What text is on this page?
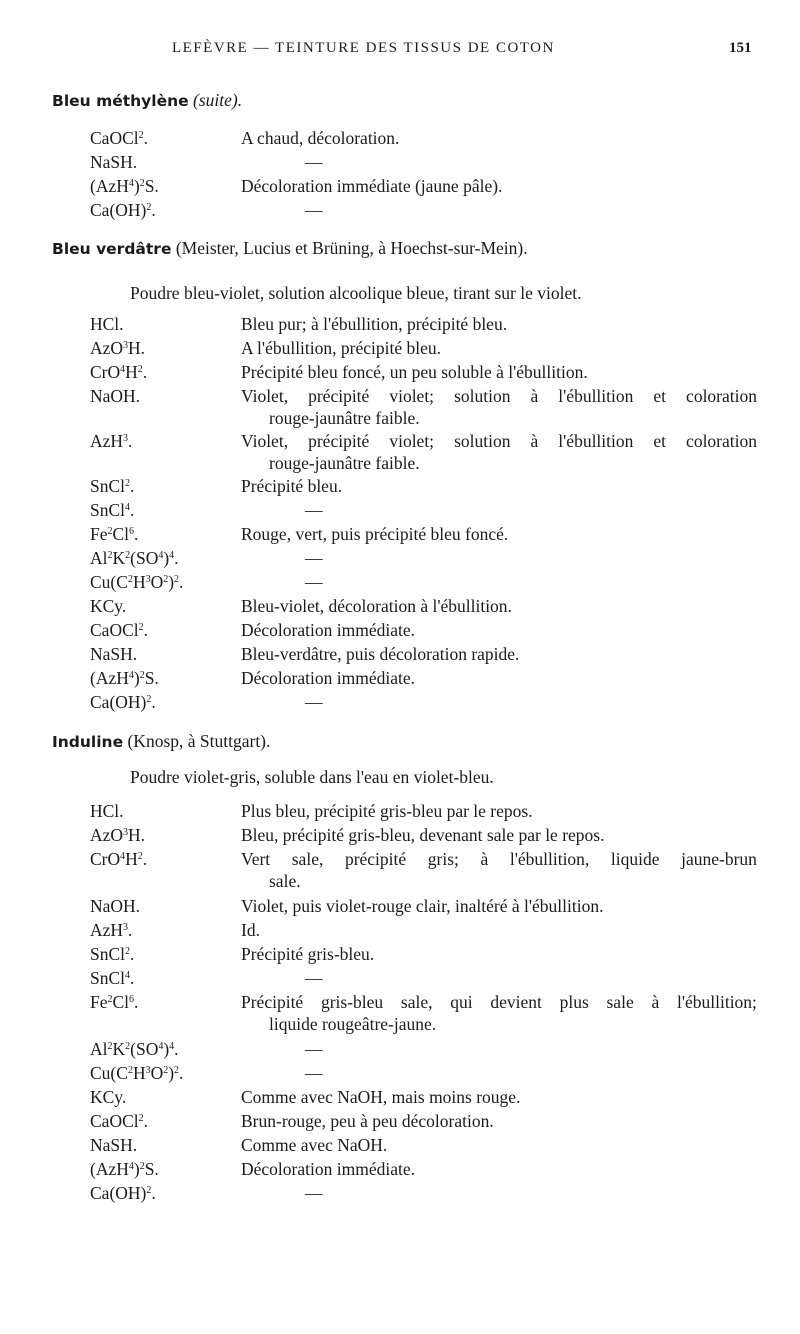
LEFÈVRE — TEINTURE DES TISSUS DE COTON	151
Bleu méthylène (suite).
CaOCl$^2$.	A chaud, décoloration.
NaSH.	—
$(AzH^4)^2S$.	Décoloration immédiate (jaune pâle).
Ca(OH)$^2$.	—
Bleu verdâtre (Meister, Lucius et Brüning, à Hoechst-sur-Mein).
Poudre bleu-violet, solution alcoolique bleue, tirant sur le violet.
HCl.	Bleu pur; à l'ébullition, précipité bleu.
AzO$^3$H.	A l'ébullition, précipité bleu.
$CrO^4H^2$.	Précipité bleu foncé, un peu soluble à l'ébullition.
NaOH.	Violet, précipité violet; solution à l'ébullition et coloration
rouge-jaunâtre faible.
AzH$^3$.	Violet, précipité violet; solution à l'ébullition et coloration
rouge-jaunâtre faible.
SnCl$^2$.	Précipité bleu.
SnCl$^4$.	—
Fe$^2$Cl$^6$.	Rouge, vert, puis précipité bleu foncé.
$Al^2K^2(SO^4)^4$.	—
$Cu(C^2H^3O^2)^2$.	—
KCy.	Bleu-violet, décoloration à l'ébullition.
CaOCl$^2$.	Décoloration immédiate.
NaSH.	Bleu-verdâtre, puis décoloration rapide.
$(AzH^4)^2S$.	Décoloration immédiate.
Ca(OH)$^2$.	—
Induline (Knosp, à Stuttgart).
Poudre violet-gris, soluble dans l'eau en violet-bleu.
HCl.	Plus bleu, précipité gris-bleu par le repos.
AzO$^3$H.	Bleu, précipité gris-bleu, devenant sale par le repos.
$CrO^4H^2$.	Vert sale, précipité gris; à l'ébullition, liquide jaune-brun
sale.
NaOH.	Violet, puis violet-rouge clair, inaltéré à l'ébullition.
AzH$^3$.	Id.
SnCl$^2$.	Précipité gris-bleu.
SnCl$^4$.	—
Fe$^2$Cl$^6$.	Précipité gris-bleu sale, qui devient plus sale à l'ébullition;
liquide rougeâtre-jaune.
$Al^2K^2(SO^4)^4$.	—
$Cu(C^2H^3O^2)^2$.	—
KCy.	Comme avec NaOH, mais moins rouge.
CaOCl$^2$.	Brun-rouge, peu à peu décoloration.
NaSH.	Comme avec NaOH.
$(AzH^4)^2S$.	Décoloration immédiate.
Ca(OH)$^2$.	—
